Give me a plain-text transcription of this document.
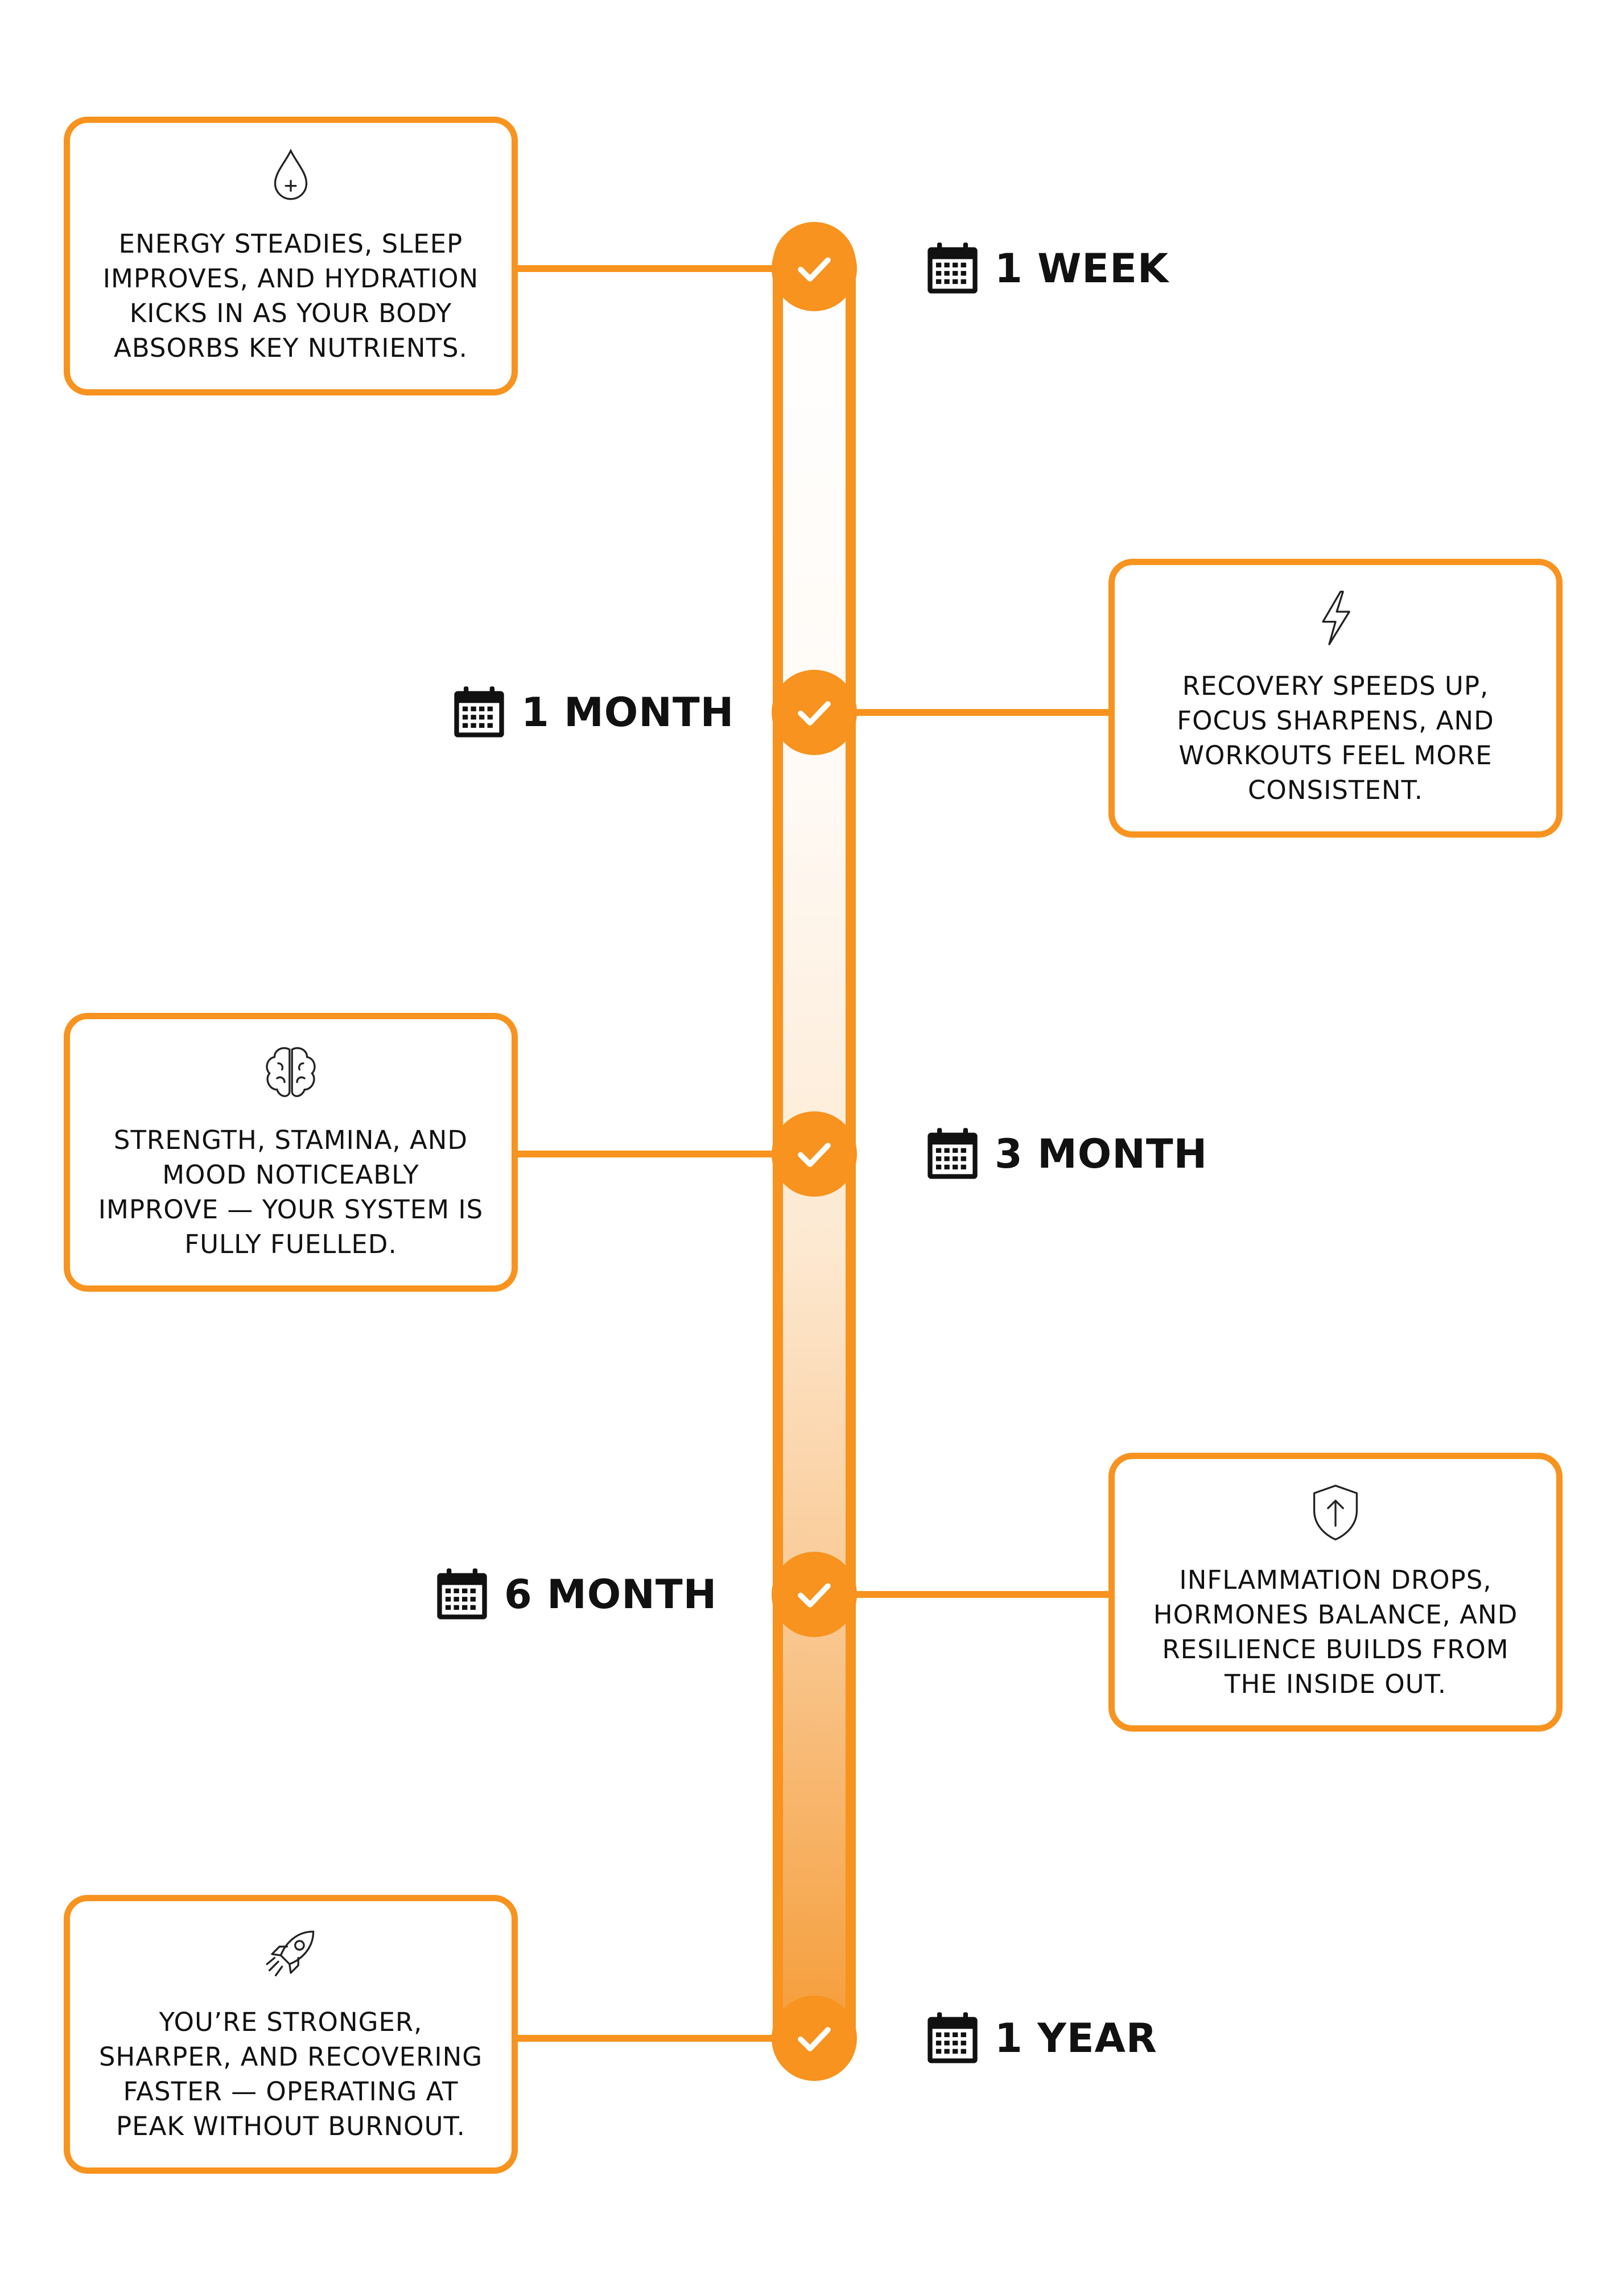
ENERGY STEADIES, SLEEP
IMPROVES, AND HYDRATION
KICKS IN AS YOUR BODY
ABSORBS KEY NUTRIENTS.
RECOVERY SPEEDS UP,
FOCUS SHARPENS, AND
WORKOUTS FEEL MORE
CONSISTENT.
STRENGTH, STAMINA, AND
MOOD NOTICEABLY
IMPROVE — YOUR SYSTEM IS
FULLY FUELLED.
INFLAMMATION DROPS,
HORMONES BALANCE, AND
RESILIENCE BUILDS FROM
THE INSIDE OUT.
YOU’RE STRONGER,
SHARPER, AND RECOVERING
FASTER — OPERATING AT
PEAK WITHOUT BURNOUT.
1 WEEK
1 MONTH
3 MONTH
6 MONTH
1 YEAR
